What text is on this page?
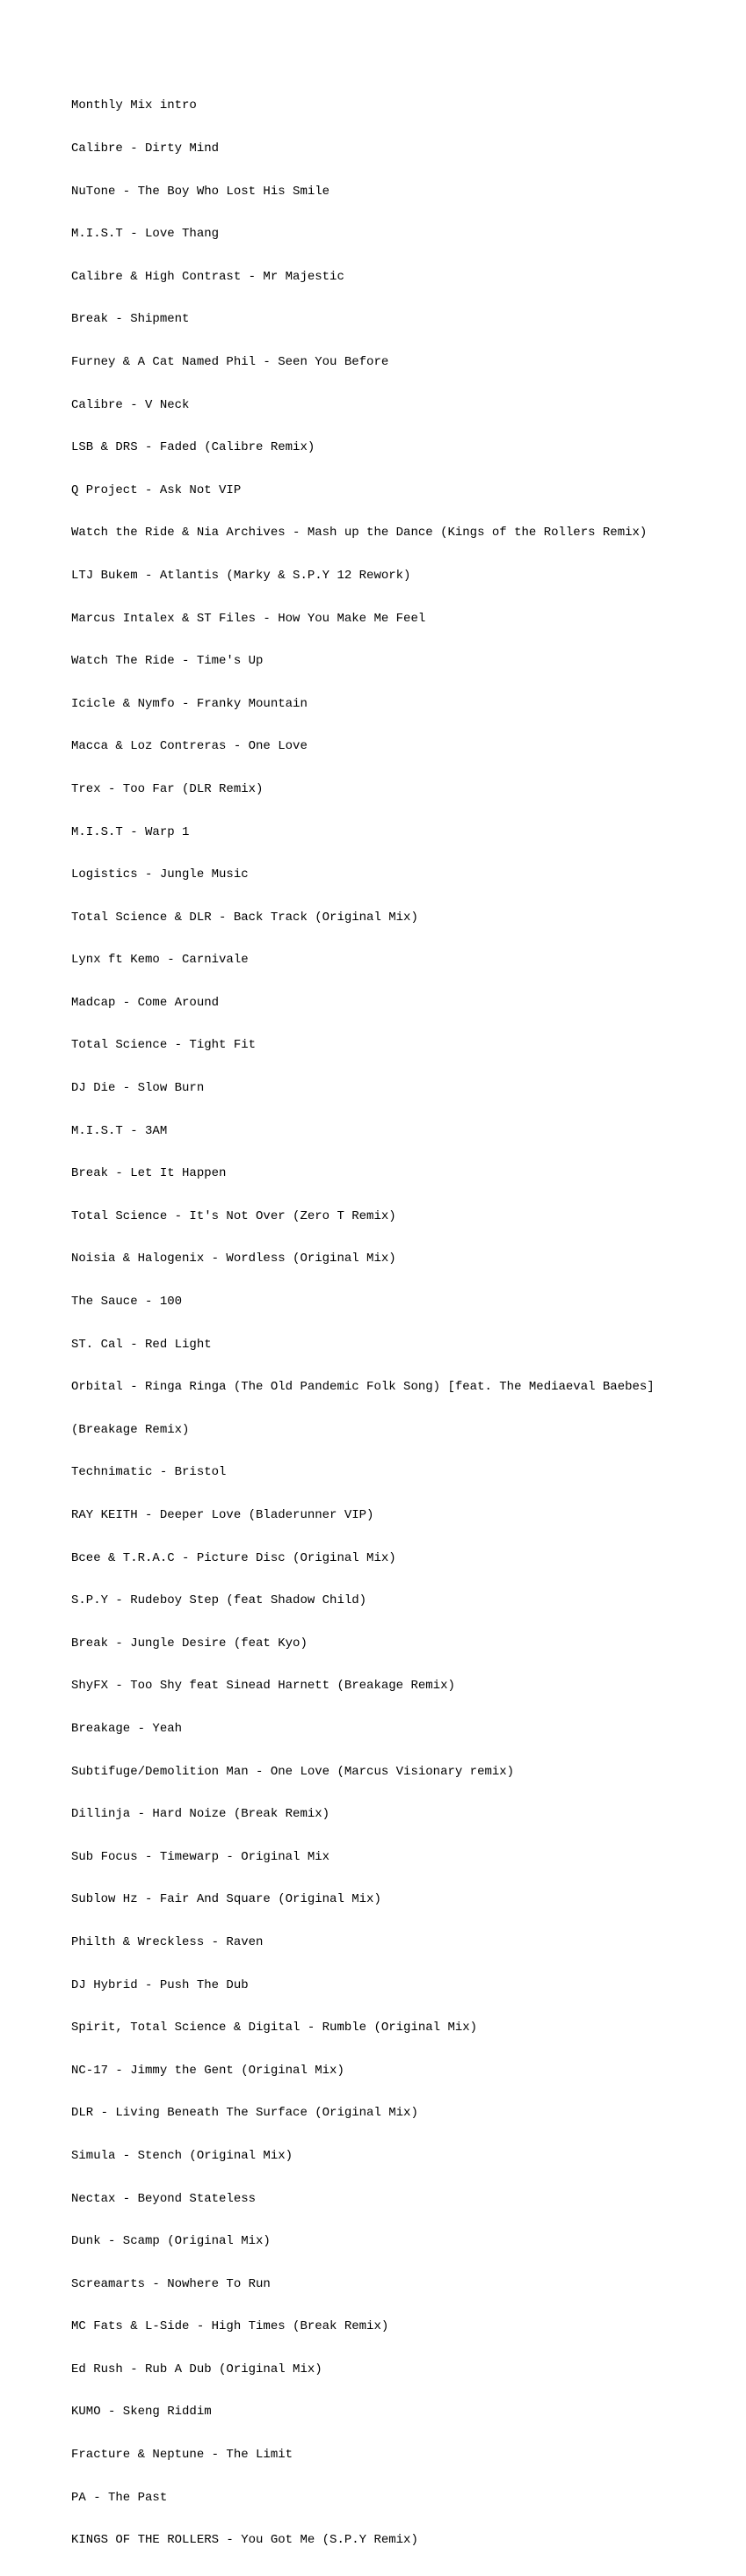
Monthly Mix intro

Calibre - Dirty Mind

NuTone - The Boy Who Lost His Smile

M.I.S.T - Love Thang

Calibre & High Contrast - Mr Majestic

Break - Shipment

Furney & A Cat Named Phil - Seen You Before

Calibre - V Neck

LSB & DRS - Faded (Calibre Remix)

Q Project - Ask Not VIP

Watch the Ride & Nia Archives - Mash up the Dance (Kings of the Rollers Remix)

LTJ Bukem - Atlantis (Marky & S.P.Y 12 Rework)

Marcus Intalex & ST Files - How You Make Me Feel

Watch The Ride - Time's Up

Icicle & Nymfo - Franky Mountain

Macca & Loz Contreras - One Love

Trex - Too Far (DLR Remix)

M.I.S.T - Warp 1

Logistics - Jungle Music

Total Science & DLR - Back Track (Original Mix)

Lynx ft Kemo - Carnivale

Madcap - Come Around

Total Science - Tight Fit

DJ Die - Slow Burn

M.I.S.T - 3AM

Break - Let It Happen

Total Science - It's Not Over (Zero T Remix)

Noisia & Halogenix - Wordless (Original Mix)

The Sauce - 100

ST. Cal - Red Light

Orbital - Ringa Ringa (The Old Pandemic Folk Song) [feat. The Mediaeval Baebes]

(Breakage Remix)

Technimatic - Bristol

RAY KEITH - Deeper Love (Bladerunner VIP)

Bcee & T.R.A.C - Picture Disc (Original Mix)

S.P.Y - Rudeboy Step (feat Shadow Child)

Break - Jungle Desire (feat Kyo)

ShyFX - Too Shy feat Sinead Harnett (Breakage Remix)

Breakage - Yeah

Subtifuge/Demolition Man - One Love (Marcus Visionary remix)

Dillinja - Hard Noize (Break Remix)

Sub Focus - Timewarp - Original Mix

Sublow Hz - Fair And Square (Original Mix)

Philth & Wreckless - Raven

DJ Hybrid - Push The Dub

Spirit, Total Science & Digital - Rumble (Original Mix)

NC-17 - Jimmy the Gent (Original Mix)

DLR - Living Beneath The Surface (Original Mix)

Simula - Stench (Original Mix)

Nectax - Beyond Stateless

Dunk - Scamp (Original Mix)

Screamarts - Nowhere To Run

MC Fats & L-Side - High Times (Break Remix)

Ed Rush - Rub A Dub (Original Mix)

KUMO - Skeng Riddim

Fracture & Neptune - The Limit

PA - The Past

KINGS OF THE ROLLERS - You Got Me (S.P.Y Remix)
